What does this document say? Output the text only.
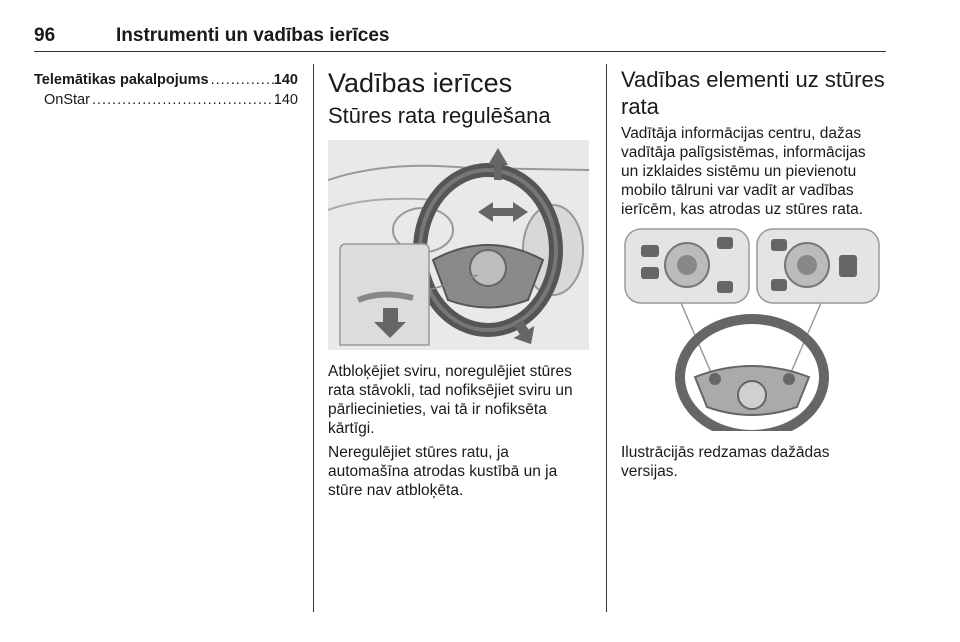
96	Instrumenti un vadības ierīces
Telemātikas pakalpojums .....	140
OnStar .....	140
Vadības ierīces
Stūres rata regulēšana

Atbloķējiet sviru, noregulējiet stūres rata stāvokli, tad nofiksējiet sviru un pārliecinieties, vai tā ir nofiksēta kārtīgi.

Neregulējiet stūres ratu, ja automašīna atrodas kustībā un ja stūre nav atbloķēta.

Vadības elementi uz stūres rata

Vadītāja informācijas centru, dažas vadītāja palīgsistēmas, informācijas un izklaides sistēmu un pievienotu mobilo tālruni var vadīt ar vadības ierīcēm, kas atrodas uz stūres rata.

Ilustrācijās redzamas dažādas versijas.
